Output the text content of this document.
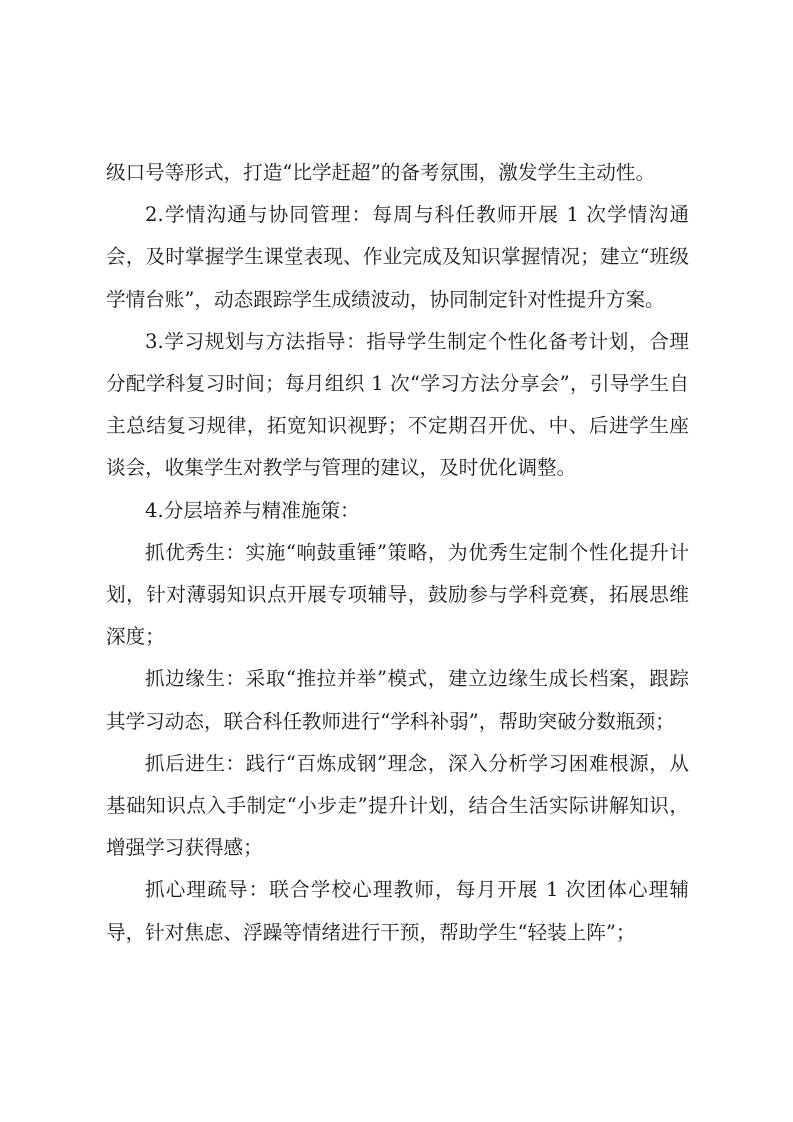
级口号等形式，打造“比学赶超”的备考氛围，激发学生主动性。

2.学情沟通与协同管理：每周与科任教师开展 1 次学情沟通会，及时掌握学生课堂表现、作业完成及知识掌握情况；建立“班级学情台账”，动态跟踪学生成绩波动，协同制定针对性提升方案。

3.学习规划与方法指导：指导学生制定个性化备考计划，合理分配学科复习时间；每月组织 1 次“学习方法分享会”，引导学生自主总结复习规律，拓宽知识视野；不定期召开优、中、后进学生座谈会，收集学生对教学与管理的建议，及时优化调整。

4.分层培养与精准施策：

抓优秀生：实施“响鼓重锤”策略，为优秀生定制个性化提升计划，针对薄弱知识点开展专项辅导，鼓励参与学科竞赛，拓展思维深度；

抓边缘生：采取“推拉并举”模式，建立边缘生成长档案，跟踪其学习动态，联合科任教师进行“学科补弱”，帮助突破分数瓶颈；

抓后进生：践行“百炼成钢”理念，深入分析学习困难根源，从基础知识点入手制定“小步走”提升计划，结合生活实际讲解知识，增强学习获得感；

抓心理疏导：联合学校心理教师，每月开展 1 次团体心理辅导，针对焦虑、浮躁等情绪进行干预，帮助学生“轻装上阵”；
